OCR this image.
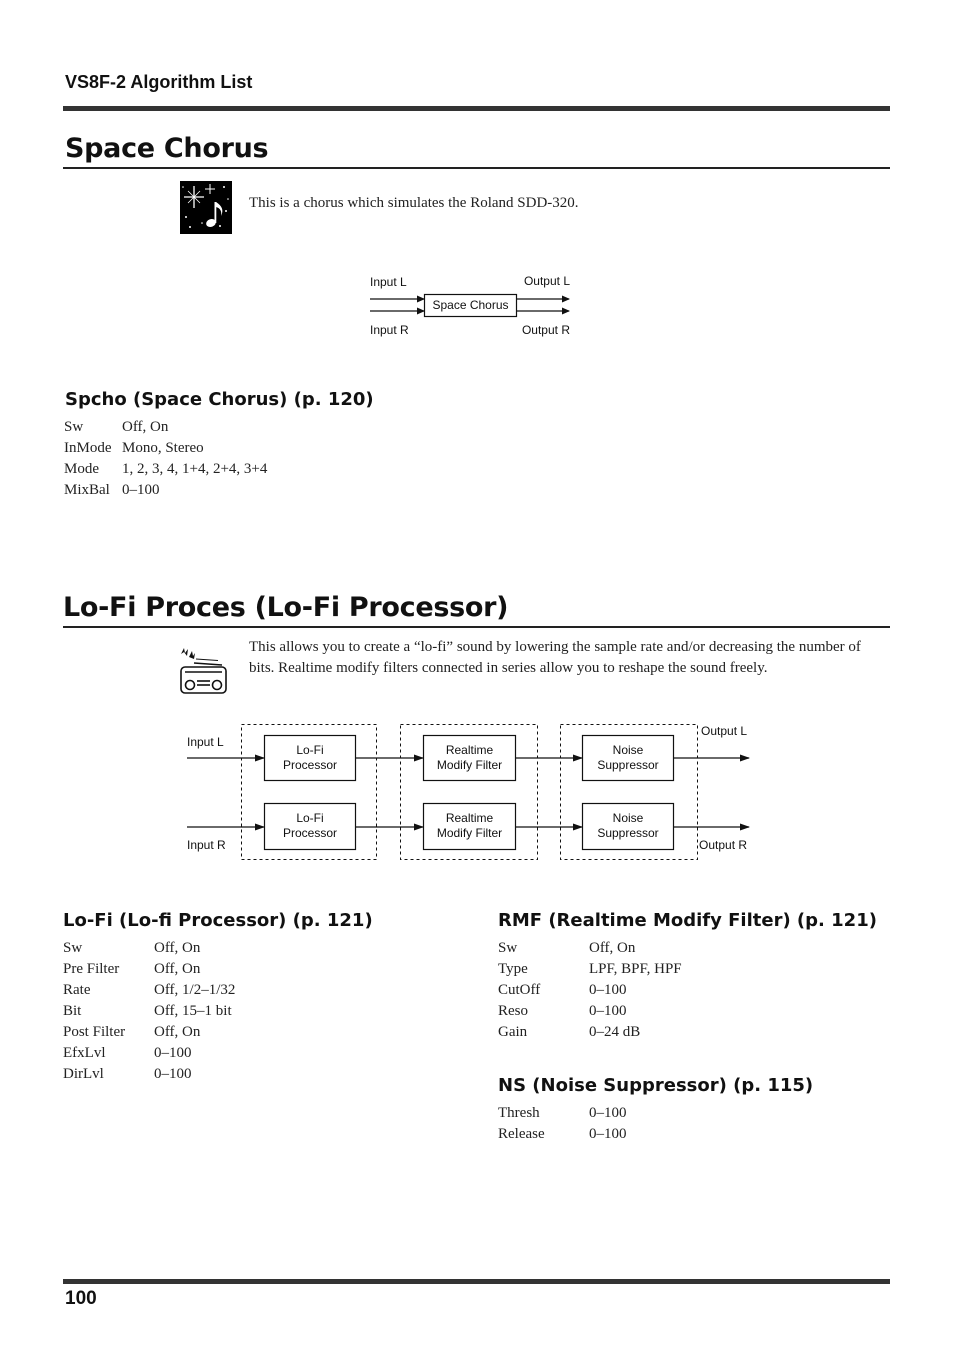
VS8F-2 Algorithm List
Space Chorus
This is a chorus which simulates the Roland SDD-320.
Input L
Input R
Output L
Output R
Space Chorus
Spcho (Space Chorus) (p. 120)
Sw	Off, On
InMode	Mono, Stereo
Mode	1, 2, 3, 4, 1+4, 2+4, 3+4
MixBal	0–100
Lo-Fi Proces (Lo-Fi Processor)
This allows you to create a “lo-fi” sound by lowering the sample rate and/or decreasing the number of bits. Realtime modify filters connected in series allow you to reshape the sound freely.
Input L
Input R
Output L
Output R
Lo-Fi
Processor
Realtime
Modify Filter
Noise
Suppressor
Lo-Fi
Processor
Realtime
Modify Filter
Noise
Suppressor
Lo-Fi (Lo-fi Processor) (p. 121)
Sw	Off, On
Pre Filter	Off, On
Rate	Off, 1/2–1/32
Bit	Off, 15–1 bit
Post Filter	Off, On
EfxLvl	0–100
DirLvl	0–100
RMF (Realtime Modify Filter) (p. 121)
Sw	Off, On
Type	LPF, BPF, HPF
CutOff	0–100
Reso	0–100
Gain	0–24 dB
NS (Noise Suppressor) (p. 115)
Thresh	0–100
Release	0–100
100
